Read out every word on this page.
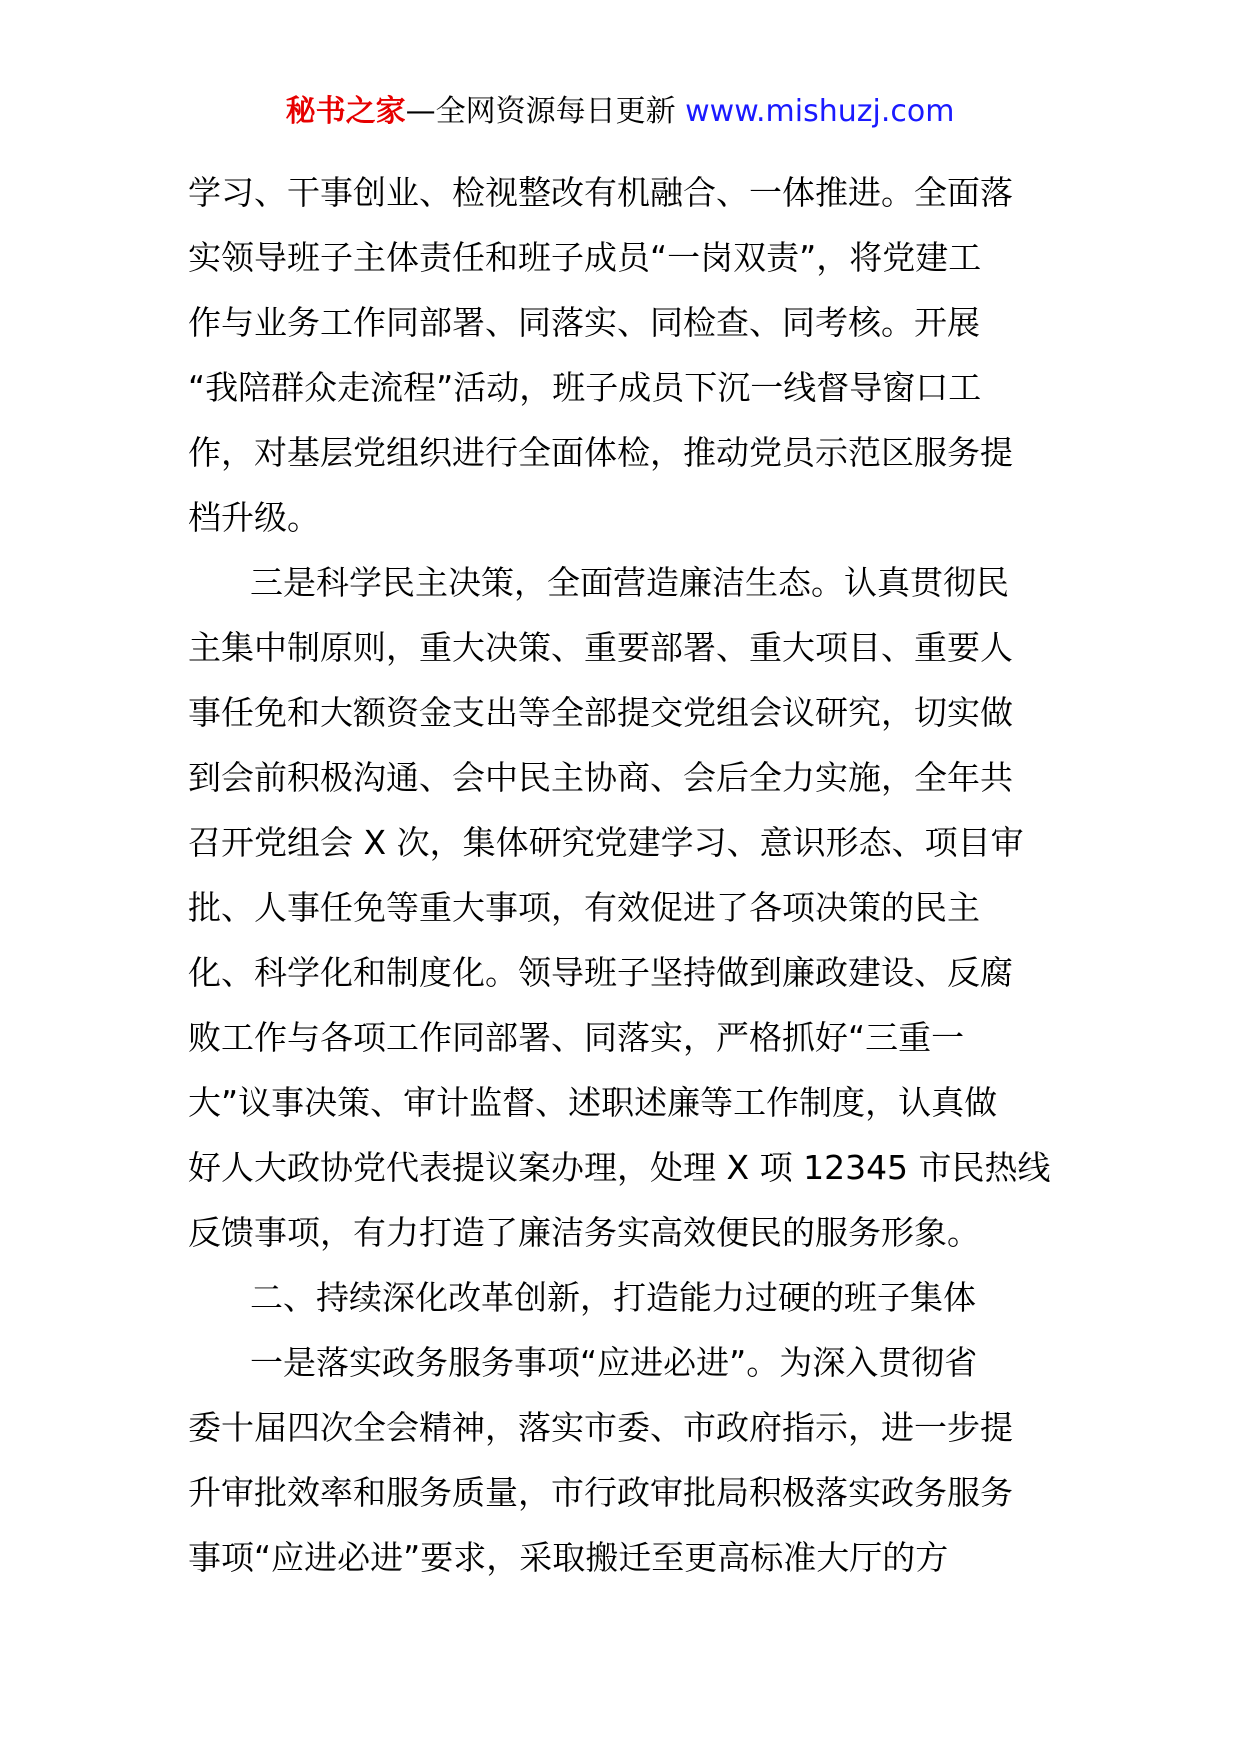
秘书之家—全网资源每日更新 www.mishuzj.com
学习、干事创业、检视整改有机融合、一体推进。全面落
实领导班子主体责任和班子成员“一岗双责”，将党建工
作与业务工作同部署、同落实、同检查、同考核。开展
“我陪群众走流程”活动，班子成员下沉一线督导窗口工
作，对基层党组织进行全面体检，推动党员示范区服务提
档升级。
三是科学民主决策，全面营造廉洁生态。认真贯彻民
主集中制原则，重大决策、重要部署、重大项目、重要人
事任免和大额资金支出等全部提交党组会议研究，切实做
到会前积极沟通、会中民主协商、会后全力实施，全年共
召开党组会 X 次，集体研究党建学习、意识形态、项目审
批、人事任免等重大事项，有效促进了各项决策的民主
化、科学化和制度化。领导班子坚持做到廉政建设、反腐
败工作与各项工作同部署、同落实，严格抓好“三重一
大”议事决策、审计监督、述职述廉等工作制度，认真做
好人大政协党代表提议案办理，处理 X 项 12345 市民热线
反馈事项，有力打造了廉洁务实高效便民的服务形象。
二、持续深化改革创新，打造能力过硬的班子集体
一是落实政务服务事项“应进必进”。为深入贯彻省
委十届四次全会精神，落实市委、市政府指示，进一步提
升审批效率和服务质量，市行政审批局积极落实政务服务
事项“应进必进”要求，采取搬迁至更高标准大厅的方
